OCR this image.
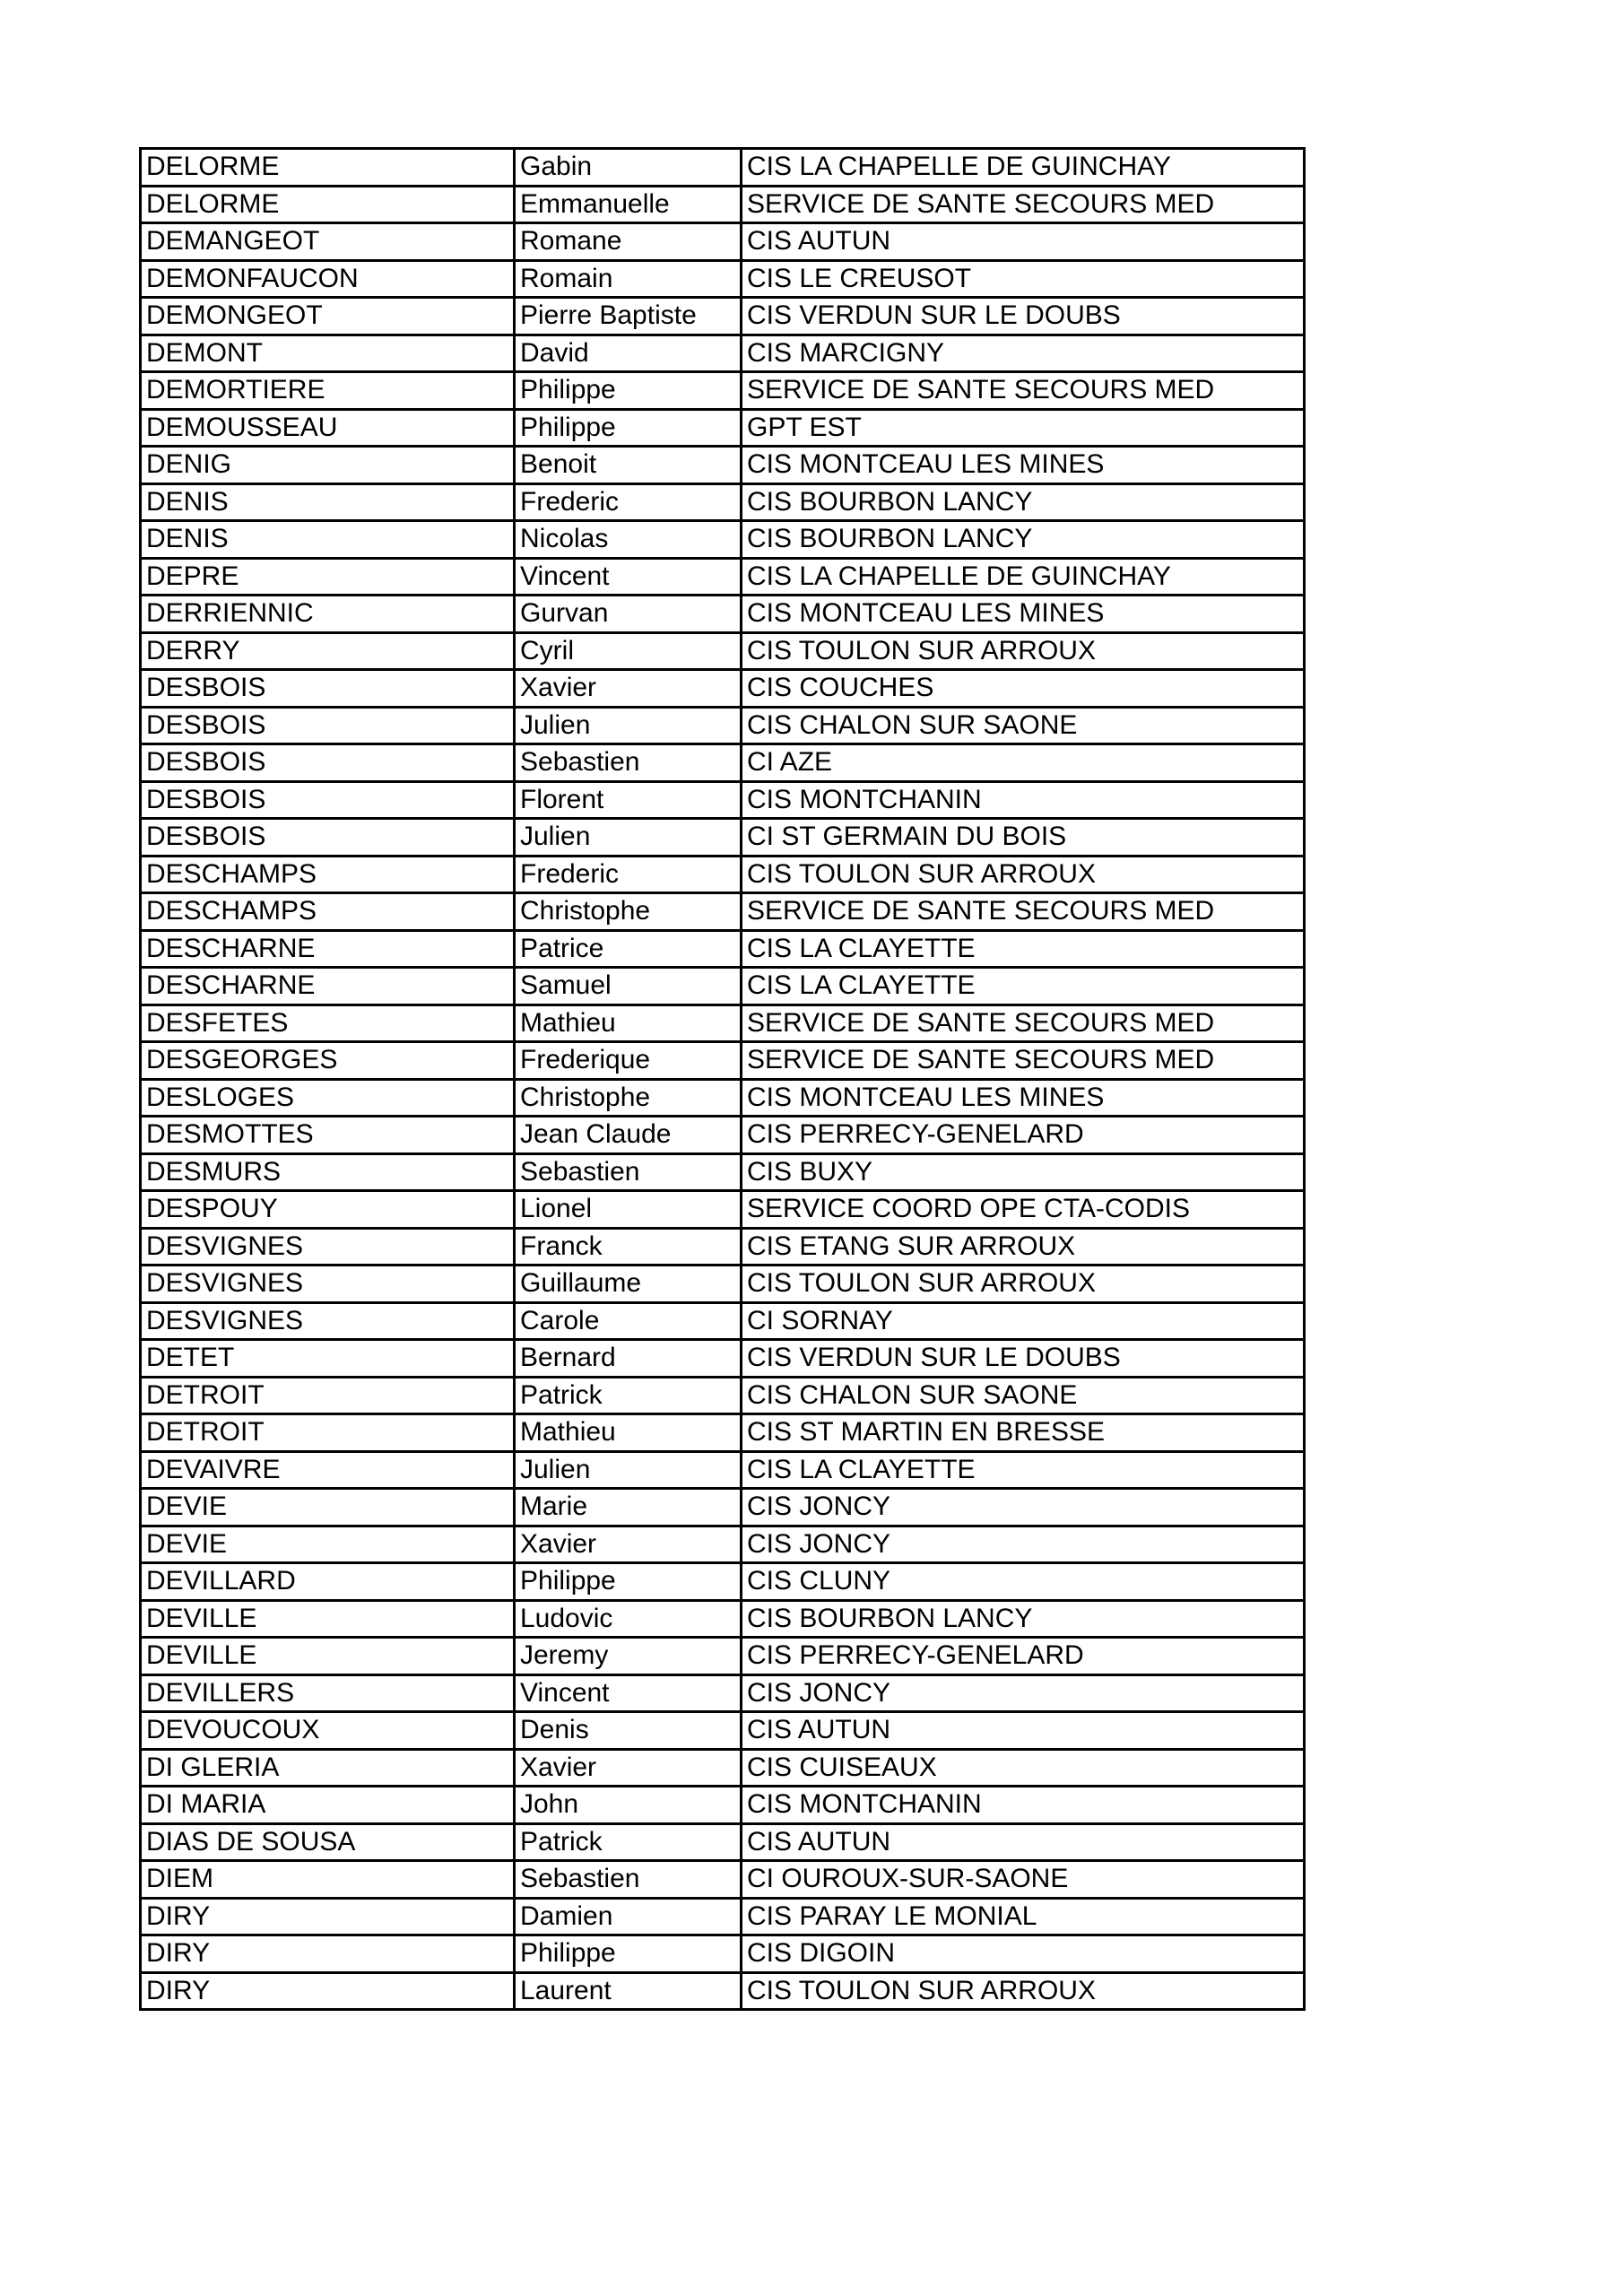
DELORME	Gabin	CIS LA CHAPELLE DE GUINCHAY
DELORME	Emmanuelle	SERVICE DE SANTE SECOURS MED
DEMANGEOT	Romane	CIS AUTUN
DEMONFAUCON	Romain	CIS LE CREUSOT
DEMONGEOT	Pierre Baptiste	CIS VERDUN SUR LE DOUBS
DEMONT	David	CIS MARCIGNY
DEMORTIERE	Philippe	SERVICE DE SANTE SECOURS MED
DEMOUSSEAU	Philippe	GPT EST
DENIG	Benoit	CIS MONTCEAU LES MINES
DENIS	Frederic	CIS BOURBON LANCY
DENIS	Nicolas	CIS BOURBON LANCY
DEPRE	Vincent	CIS LA CHAPELLE DE GUINCHAY
DERRIENNIC	Gurvan	CIS MONTCEAU LES MINES
DERRY	Cyril	CIS TOULON SUR ARROUX
DESBOIS	Xavier	CIS COUCHES
DESBOIS	Julien	CIS CHALON SUR SAONE
DESBOIS	Sebastien	CI AZE
DESBOIS	Florent	CIS MONTCHANIN
DESBOIS	Julien	CI ST GERMAIN DU BOIS
DESCHAMPS	Frederic	CIS TOULON SUR ARROUX
DESCHAMPS	Christophe	SERVICE DE SANTE SECOURS MED
DESCHARNE	Patrice	CIS LA CLAYETTE
DESCHARNE	Samuel	CIS LA CLAYETTE
DESFETES	Mathieu	SERVICE DE SANTE SECOURS MED
DESGEORGES	Frederique	SERVICE DE SANTE SECOURS MED
DESLOGES	Christophe	CIS MONTCEAU LES MINES
DESMOTTES	Jean Claude	CIS PERRECY-GENELARD
DESMURS	Sebastien	CIS BUXY
DESPOUY	Lionel	SERVICE COORD OPE CTA-CODIS
DESVIGNES	Franck	CIS ETANG SUR ARROUX
DESVIGNES	Guillaume	CIS TOULON SUR ARROUX
DESVIGNES	Carole	CI SORNAY
DETET	Bernard	CIS VERDUN SUR LE DOUBS
DETROIT	Patrick	CIS CHALON SUR SAONE
DETROIT	Mathieu	CIS ST MARTIN EN BRESSE
DEVAIVRE	Julien	CIS LA CLAYETTE
DEVIE	Marie	CIS JONCY
DEVIE	Xavier	CIS JONCY
DEVILLARD	Philippe	CIS CLUNY
DEVILLE	Ludovic	CIS BOURBON LANCY
DEVILLE	Jeremy	CIS PERRECY-GENELARD
DEVILLERS	Vincent	CIS JONCY
DEVOUCOUX	Denis	CIS AUTUN
DI GLERIA	Xavier	CIS CUISEAUX
DI MARIA	John	CIS MONTCHANIN
DIAS DE SOUSA	Patrick	CIS AUTUN
DIEM	Sebastien	CI OUROUX-SUR-SAONE
DIRY	Damien	CIS PARAY LE MONIAL
DIRY	Philippe	CIS DIGOIN
DIRY	Laurent	CIS TOULON SUR ARROUX
